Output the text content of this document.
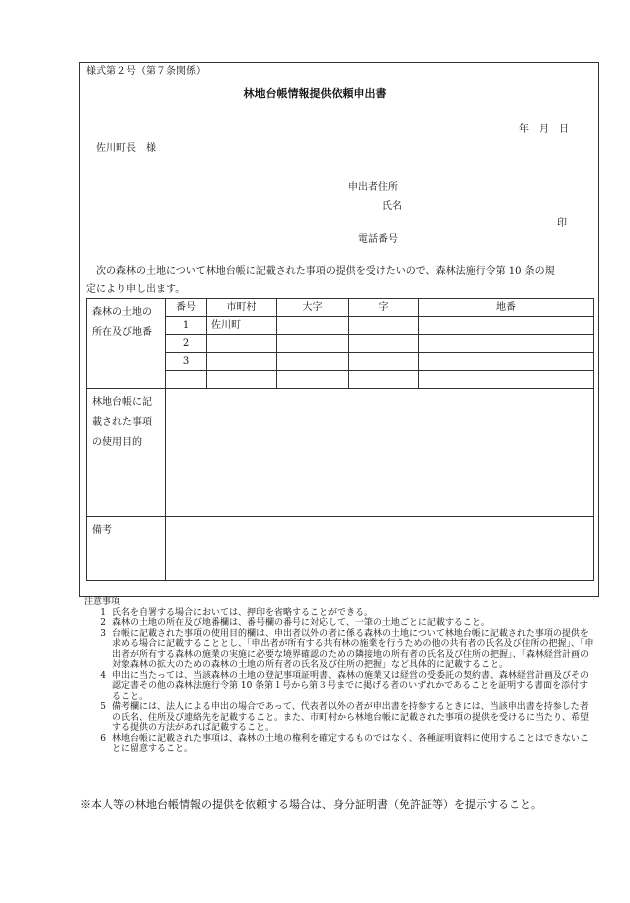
様式第２号（第７条関係）
林地台帳情報提供依頼申出書
年　月　日
佐川町長　様
申出者住所
氏名
印
電話番号
次の森林の土地について林地台帳に記載された事項の提供を受けたいので、森林法施行令第 10 条の規
定により申し出ます。
森林の土地の所在及び地番	番号	市町村	大字	字	地番
	1	佐川町			
	2				
	3				

林地台帳に記載された事項の使用目的					
備考					

注意事項

1 氏名を自署する場合においては、押印を省略することができる。
2 森林の土地の所在及び地番欄は、番号欄の番号に対応して、一筆の土地ごとに記載すること。
3 台帳に記載された事項の使用目的欄は、申出者以外の者に係る森林の土地について林地台帳に記載された事項の提供を求める場合に記載することとし、「申出者が所有する共有林の施業を行うための他の共有者の氏名及び住所の把握」、「申出者が所有する森林の施業の実施に必要な境界確認のための隣接地の所有者の氏名及び住所の把握」、「森林経営計画の対象森林の拡大のための森林の土地の所有者の氏名及び住所の把握」など具体的に記載すること。
4 申出に当たっては、当該森林の土地の登記事項証明書、森林の施業又は経営の受委託の契約書、森林経営計画及びその認定書その他の森林法施行令第 10 条第１号から第３号までに掲げる者のいずれかであることを証明する書面を添付すること。
5 備考欄には、法人による申出の場合であって、代表者以外の者が申出書を持参するときには、当該申出書を持参した者の氏名、住所及び連絡先を記載すること。また、市町村から林地台帳に記載された事項の提供を受けるに当たり、希望する提供の方法があれば記載すること。
6 林地台帳に記載された事項は、森林の土地の権利を確定するものではなく、各種証明資料に使用することはできないことに留意すること。
※本人等の林地台帳情報の提供を依頼する場合は、身分証明書（免許証等）を提示すること。
